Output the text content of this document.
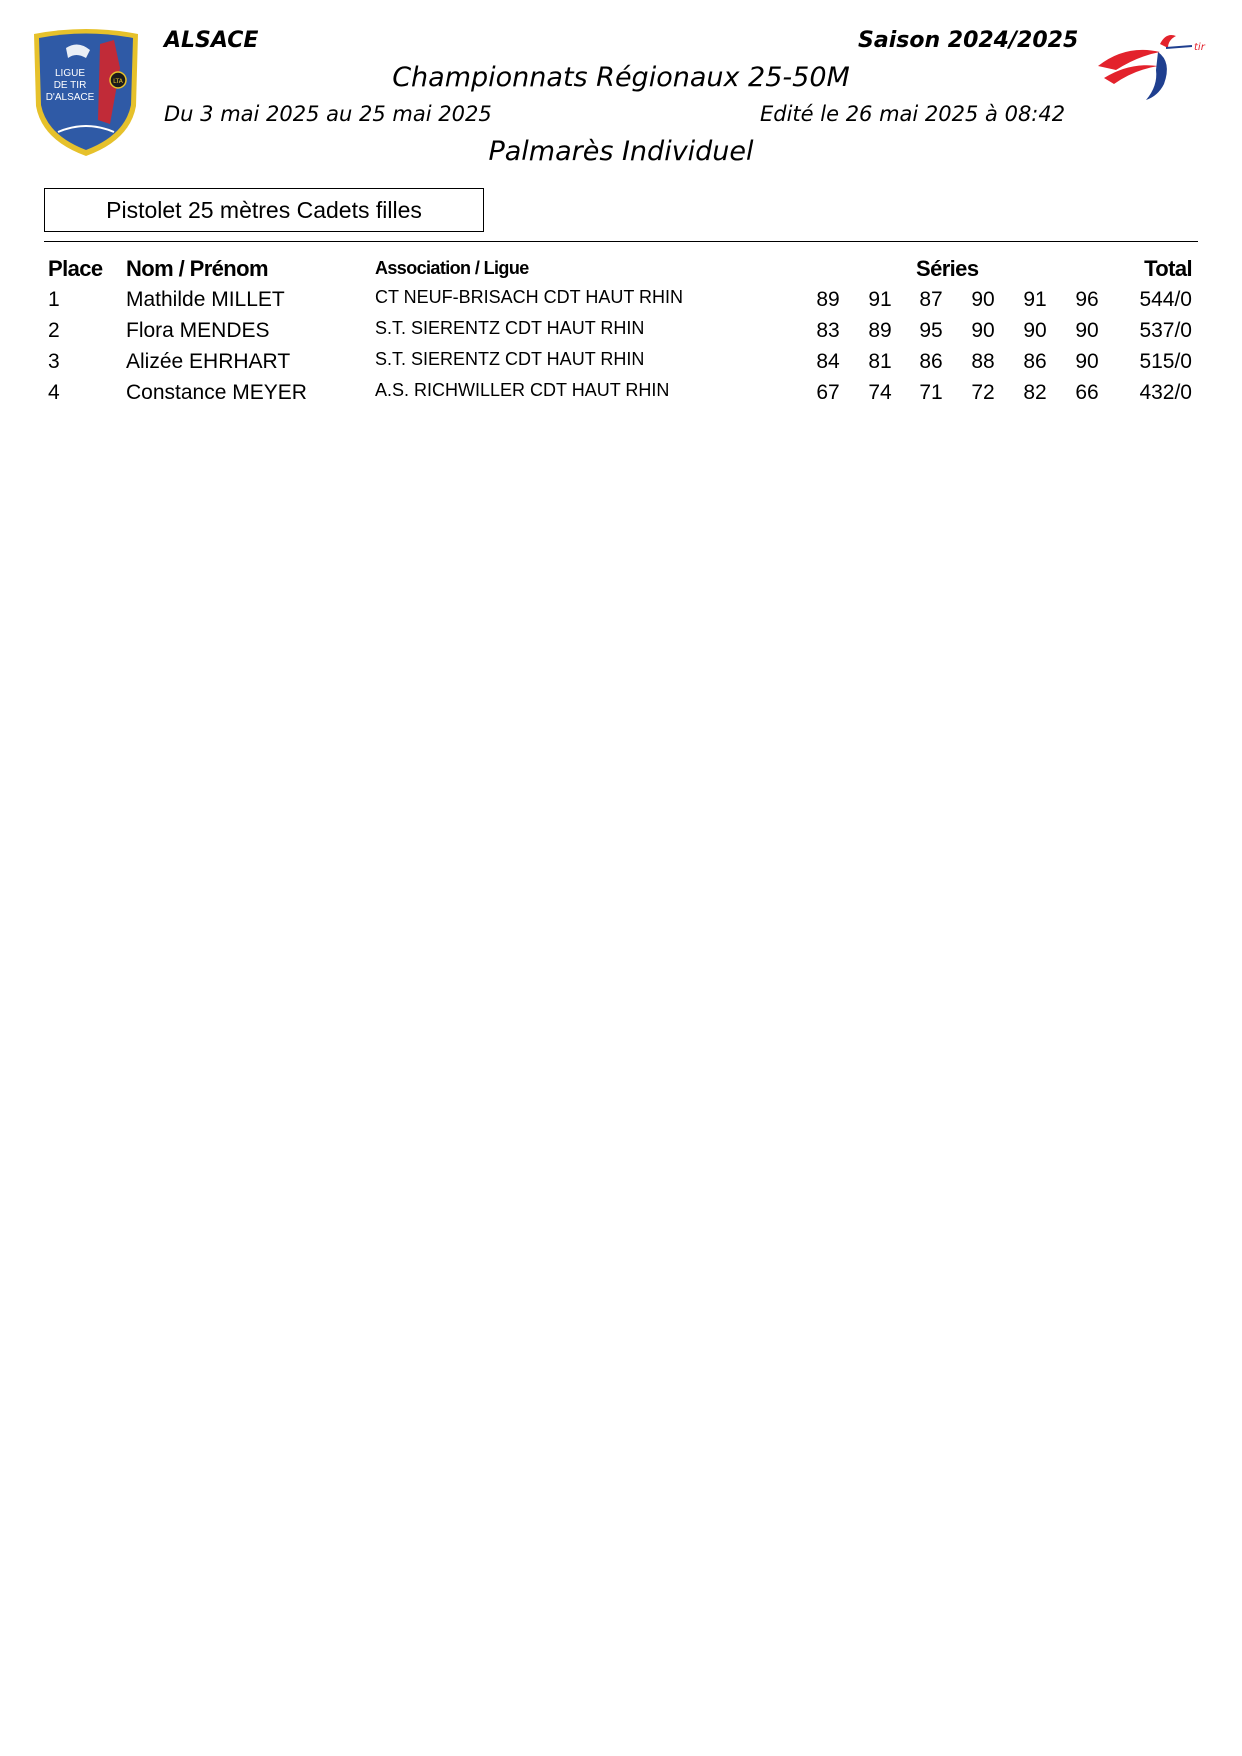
LTA
LIGUE
DE TIR
D'ALSACE
tir
ALSACE	Saison 2024/2025
Championnats Régionaux 25-50M
Du 3 mai 2025 au 25 mai 2025	Edité le 26 mai 2025 à 08:42
Palmarès Individuel
Pistolet 25 mètres Cadets filles
Place Nom / Prénom	Association / Ligue	Séries	Total
1	Mathilde MILLET	CT NEUF-BRISACH CDT HAUT RHIN	89	91	87	90	91	96	544/0
2	Flora MENDES	S.T. SIERENTZ CDT HAUT RHIN	83	89	95	90	90	90	537/0
3	Alizée EHRHART	S.T. SIERENTZ CDT HAUT RHIN	84	81	86	88	86	90	515/0
4	Constance MEYER	A.S. RICHWILLER CDT HAUT RHIN	67	74	71	72	82	66	432/0
